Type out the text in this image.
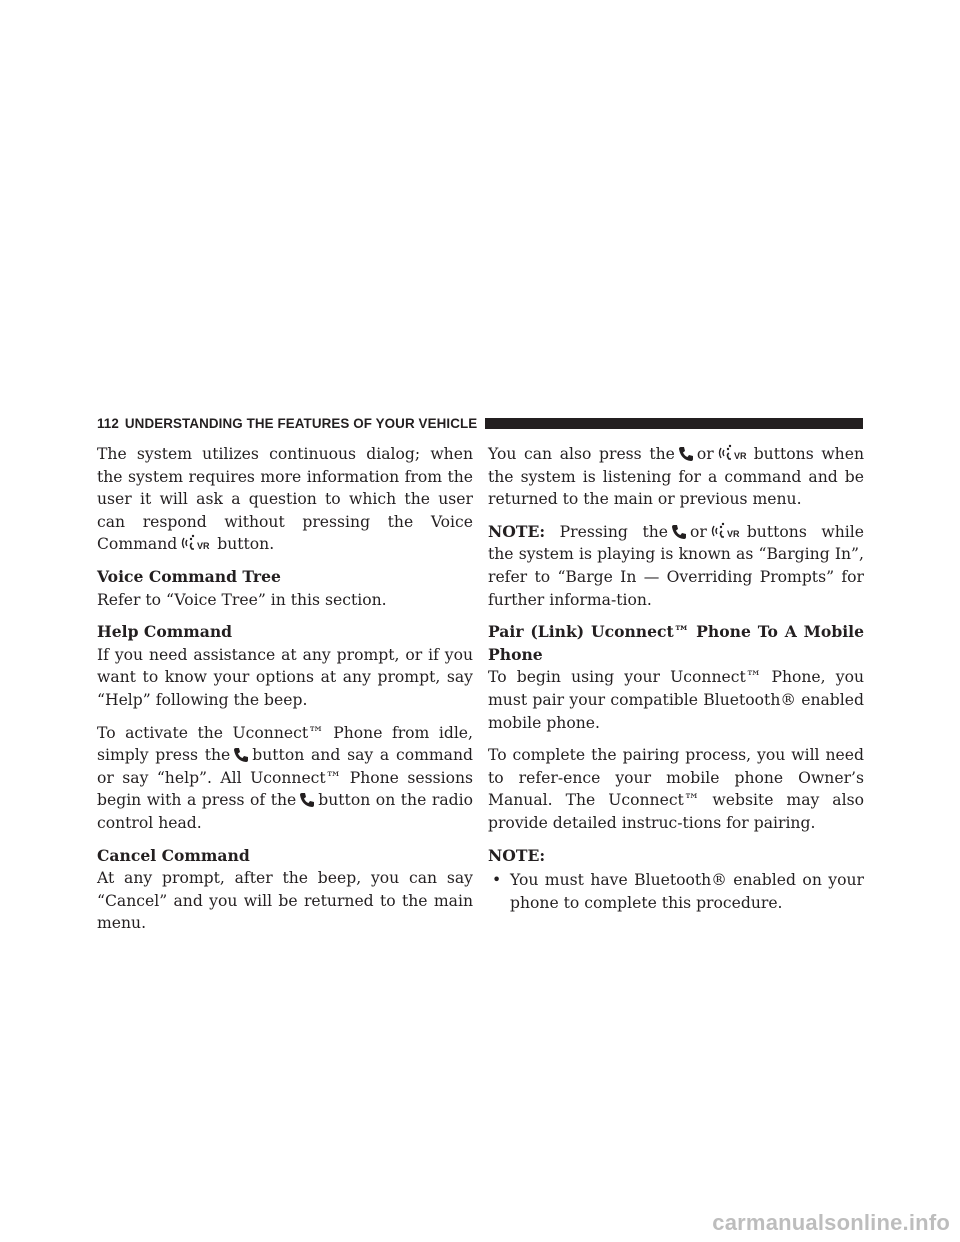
112 UNDERSTANDING THE FEATURES OF YOUR VEHICLE

The system utilizes continuous dialog; when the system requires more information from the user it will ask a question to which the user can respond without pressing the Voice Command VR button.

Voice Command Tree
Refer to “Voice Tree” in this section.

Help Command
If you need assistance at any prompt, or if you want to know your options at any prompt, say “Help” following the beep.

To activate the Uconnect™ Phone from idle, simply press the button and say a command or say “help”. All Uconnect™ Phone sessions begin with a press of the button on the radio control head.

Cancel Command
At any prompt, after the beep, you can say “Cancel” and you will be returned to the main menu.

You can also press the or VR buttons when the system is listening for a command and be returned to the main or previous menu.

NOTE: Pressing the or VR buttons while the system is playing is known as “Barging In”, refer to “Barge In — Overriding Prompts” for further informa-tion.

Pair (Link) Uconnect™ Phone To A Mobile Phone
To begin using your Uconnect™ Phone, you must pair your compatible Bluetooth® enabled mobile phone.

To complete the pairing process, you will need to refer-ence your mobile phone Owner’s Manual. The Uconnect™ website may also provide detailed instruc-tions for pairing.

NOTE:

• You must have Bluetooth® enabled on your phone to complete this procedure.
carmanualsonline.info
